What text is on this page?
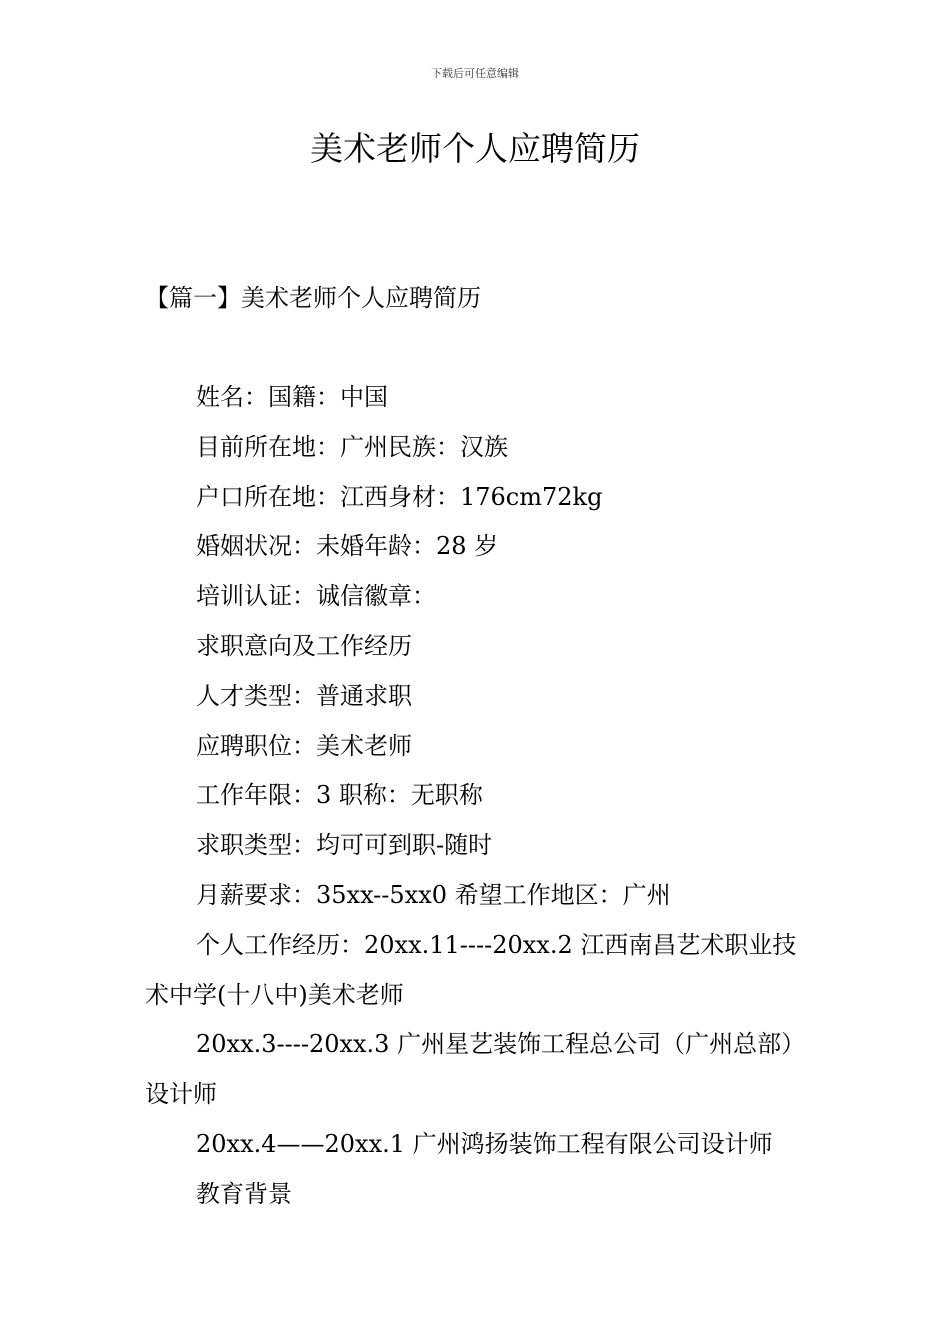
下载后可任意编辑
美术老师个人应聘简历
【篇一】美术老师个人应聘简历

姓名：国籍：中国

目前所在地：广州民族：汉族

户口所在地：江西身材：176cm72kg

婚姻状况：未婚年龄：28 岁

培训认证：诚信徽章：

求职意向及工作经历

人才类型：普通求职

应聘职位：美术老师

工作年限：3 职称：无职称

求职类型：均可可到职-随时

月薪要求：35xx--5xx0 希望工作地区：广州

个人工作经历：20xx.11----20xx.2 江西南昌艺术职业技术中学(十八中)美术老师

20xx.3----20xx.3 广州星艺装饰工程总公司（广州总部）设计师

20xx.4——20xx.1 广州鸿扬装饰工程有限公司设计师

教育背景
